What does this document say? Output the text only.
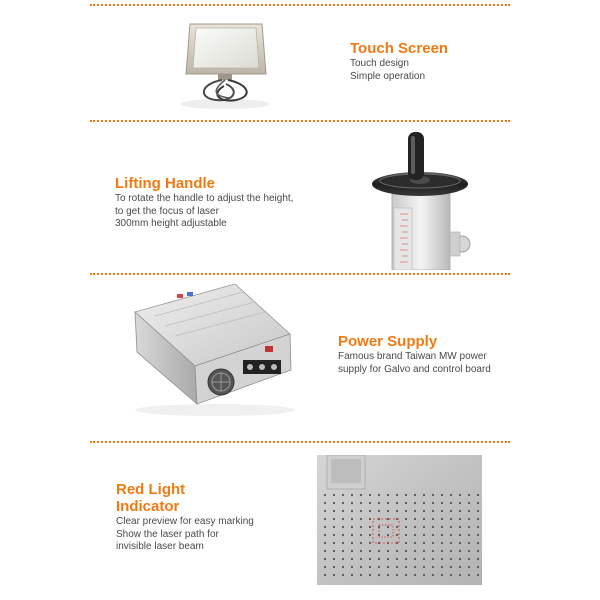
Touch Screen
Touch design
Simple operation
Lifting Handle
To rotate the handle to adjust the height,
to get the focus of laser
300mm height adjustable
Power Supply
Famous brand Taiwan MW power
supply for Galvo and control board
Red Light
Indicator
Clear preview for easy marking
Show the laser path for
invisible laser beam
